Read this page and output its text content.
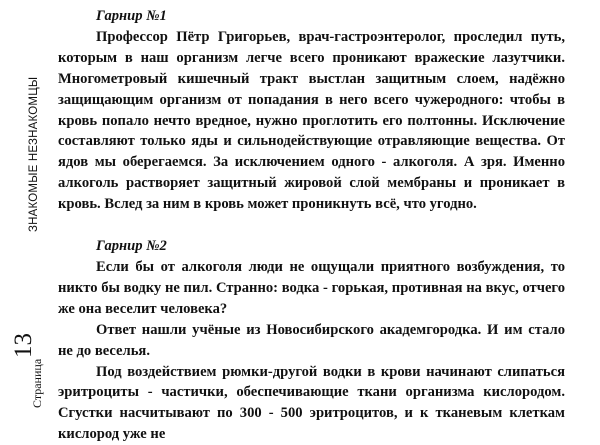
ЗНАКОМЫЕ НЕЗНАКОМЦЫ
Страница
13

Гарнир №1

Профессор Пётр Григорьев, врач-гастроэнтеролог, проследил путь, которым в наш организм легче всего проникают вражеские лазутчики. Многометровый кишечный тракт выстлан защитным слоем, надёжно защищающим организм от попадания в него всего чужеродного: чтобы в кровь попало нечто вредное, нужно проглотить его полтонны. Исключение составляют только яды и сильнодействующие отравляющие вещества. От ядов мы оберегаемся. За исключением одного - алкоголя. А зря. Именно алкоголь растворяет защитный жировой слой мембраны и проникает в кровь. Вслед за ним в кровь может проникнуть всё, что угодно.

Гарнир №2

Если бы от алкоголя люди не ощущали приятного возбуждения, то никто бы водку не пил. Странно: водка - горькая, противная на вкус, отчего же она веселит человека?

Ответ нашли учёные из Новосибирского академгородка. И им стало не до веселья.

Под воздействием рюмки-другой водки в крови начинают слипаться эритроциты - частички, обеспечивающие ткани организма кислородом. Сгустки насчитывают по 300 - 500 эритроцитов, и к тканевым клеткам кислород уже не
